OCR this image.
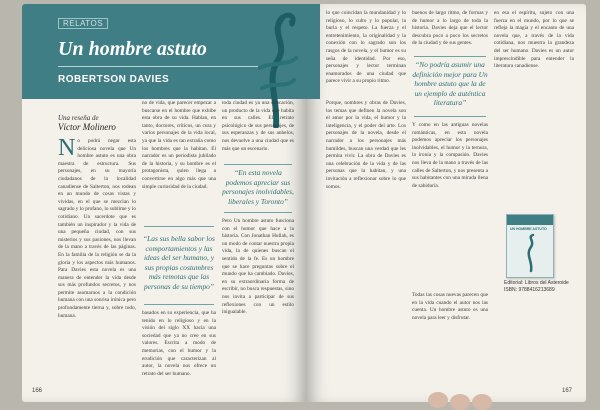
RELATOS
Un hombre astuto
ROBERTSON DAVIES
Una reseña de
Víctor Molinero
N o podrá negar esta deliciosa novela que Un hombre astuto es una obra maestra de estructura. Sus personajes, en su mayoría ciudadanos de la localidad canadiense de Salterton, nos rodean en un mundo de cosas vistas y vividas, en el que se mezclan lo sagrado y lo profano, lo sublime y lo cotidiano. Un sacerdote que es también un inspirador y la vida de una pequeña ciudad, con sus misterios y sus pasiones, nos llevan de la mano a través de las páginas. En la familia de la religión se da la gloria y los aspectos más humanos. Para Davies esta novela es una manera de entender la vida desde sus más profundos secretos, y nos permite asomarnos a la condición humana con una sonrisa irónica pero profundamente tierna y, sobre todo, humana.

no de vida, que parecer empezar a buscarse en el hombre que exhibe esta obra de su vida. Hablan, en tanto, doctores, críticos, un cura y varios personajes de la vida local, ya que la vida es tan extraña como los hombres que la habitan. El narrador es un periodista jubilado de la historia, y su hombre es el protagonista, quien llega a convertirse en algo más que una simple curiosidad de la ciudad.

“Las sus bella sabor los comportamientos y las ideas del ser humano, y sus propias costumbres más remotas que las personas de su tiempo”

basados en su experiencia, que ha tenido en lo religioso y en la visión del siglo XX hacia una sociedad que ya no cree en sus valores. Escrita a modo de memorias, con el humor y la erudición que caracterizan al autor, la novela nos ofrece un retrato del ser humano.

toda ciudad es ya una evocación, un producto de la vida que habita en sus calles. El retrato psicológico de sus personajes, de sus esperanzas y de sus anhelos, nos devuelve a una ciudad que es más que un escenario.

“En esta novela podemos apreciar sus personajes inolvidables, liberales y Toronto”

Pero Un hombre astuto funciona con el humor que hace a la historia. Con Jonathan Hullah, es un modo de contar nuestra propia vida, la de quienes buscan el sentido de la fe. Es un hombre que se hace preguntas sobre el mundo que ha cambiado. Davies, en su extraordinaria forma de escribir, no busca respuestas, sino nos invita a participar de sus reflexiones con un estilo inigualable.

166

lo que coincidan la mundanidad y lo religioso, lo culto y lo popular, la burla y el respeto. La fuerza y el entretenimiento, la originalidad y la conexión con lo sagrado son los rasgos de la novela, y el humor es su seña de identidad. Por eso, personajes y lector terminan enamorados de una ciudad que parece vivir a su propio ritmo.

buenos de largo ritmo, de formas y de humor a lo largo de toda la historia. Davies deja que el lector descubra poco a poco los secretos de la ciudad y de sus gentes.

“No podría asumir una definición mejor para Un hombre astuto que la de un ejemplo de auténtica literatura”

Porque, nombres y obras de Davies, los temas que definen la novela son el amor por la vida, el humor y la inteligencia, y el poder del arte. Los personajes de la novela, desde el narrador a los personajes más humildes, buscan una verdad que les permita vivir. La obra de Davies es una celebración de la vida y de las personas que la habitan, y una invitación a reflexionar sobre lo que somos.

Y como en las antiguas novelas románticas, en esta novela podemos apreciar los personajes inolvidables, el humor y la ternura, la ironía y la compasión. Davies nos lleva de la mano a través de las calles de Salterton, y nos presenta a sus habitantes con una mirada llena de sabiduría.

en esa el espíritu, sujeto con una fuerza en el mundo, por lo que se refleja la magia y el encanto de una novela que, a través de la vida cotidiana, nos muestra la grandeza del ser humano. Davies es un autor imprescindible para entender la literatura canadiense.

Todas las cosas nuevas parecen que en la vida cuando el autor nos las cuenta. Un hombre astuto es una novela para leer y disfrutar.

UN HOMBRE ASTUTO
Editorial: Libros del Asteroide
ISBN: 9788416213689
167
